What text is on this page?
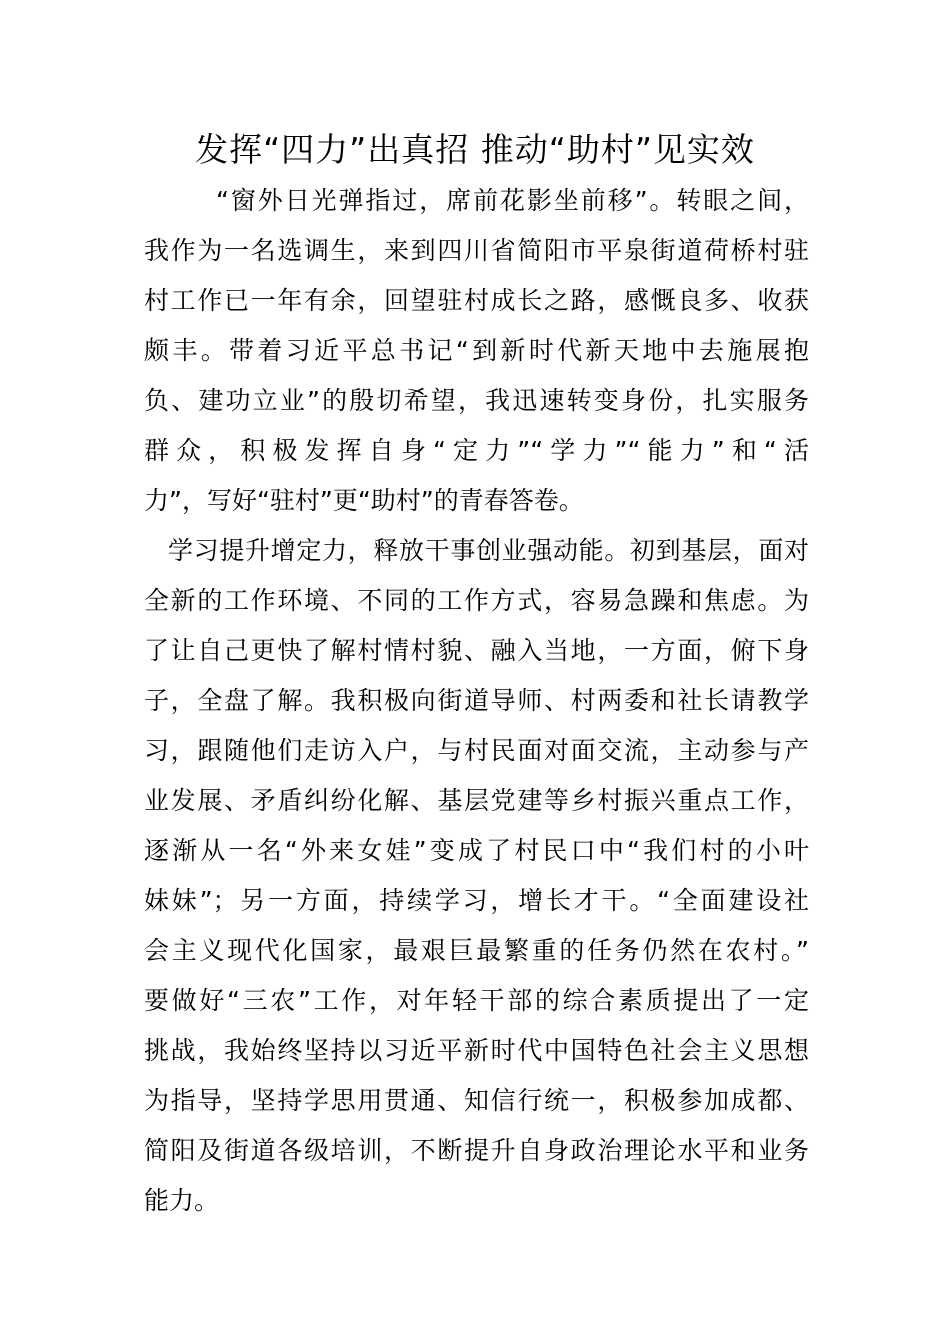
发挥“四力”出真招 推动“助村”见实效

“窗外日光弹指过，席前花影坐前移”。转眼之间，

我作为一名选调生，来到四川省简阳市平泉街道荷桥村驻

村工作已一年有余，回望驻村成长之路，感慨良多、收获

颇丰。带着习近平总书记“到新时代新天地中去施展抱

负、建功立业”的殷切希望，我迅速转变身份，扎实服务

群众，积极发挥自身“定力”“学力”“能力”和“活

力”，写好“驻村”更“助村”的青春答卷。

学习提升增定力，释放干事创业强动能。初到基层，面对

全新的工作环境、不同的工作方式，容易急躁和焦虑。为

了让自己更快了解村情村貌、融入当地，一方面，俯下身

子，全盘了解。我积极向街道导师、村两委和社长请教学

习，跟随他们走访入户，与村民面对面交流，主动参与产

业发展、矛盾纠纷化解、基层党建等乡村振兴重点工作，

逐渐从一名“外来女娃”变成了村民口中“我们村的小叶

妹妹”；另一方面，持续学习，增长才干。“全面建设社

会主义现代化国家，最艰巨最繁重的任务仍然在农村。”

要做好“三农”工作，对年轻干部的综合素质提出了一定

挑战，我始终坚持以习近平新时代中国特色社会主义思想

为指导，坚持学思用贯通、知信行统一，积极参加成都、

简阳及街道各级培训，不断提升自身政治理论水平和业务

能力。
